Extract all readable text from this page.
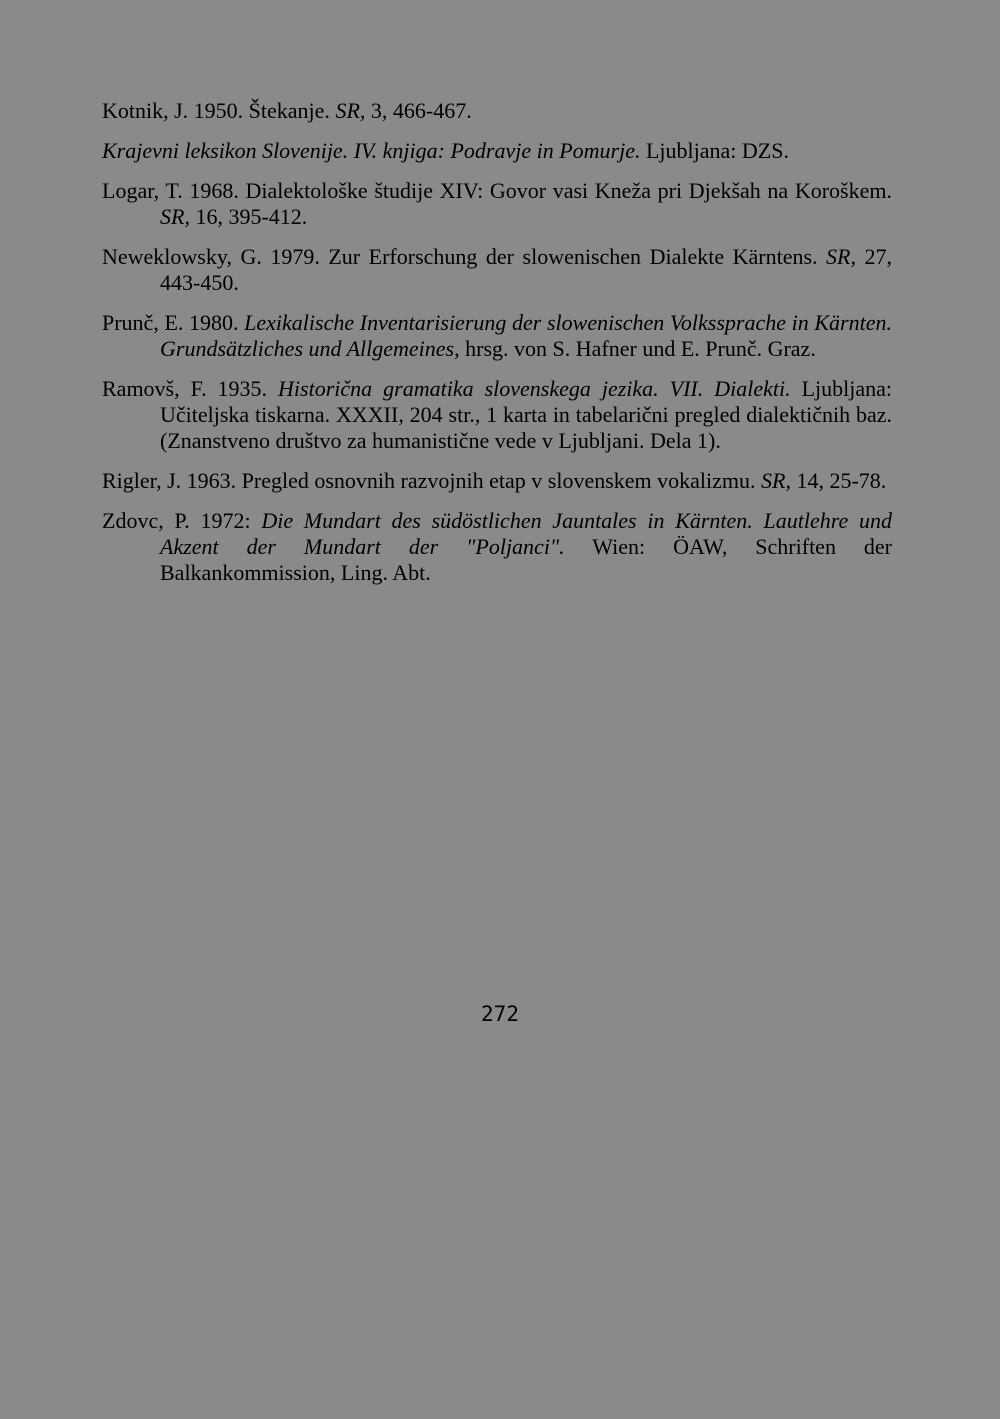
Kotnik, J. 1950. Štekanje. SR, 3, 466-467.

Krajevni leksikon Slovenije. IV. knjiga: Podravje in Pomurje. Ljubljana: DZS.

Logar, T. 1968. Dialektološke študije XIV: Govor vasi Kneža pri Djekšah na Koroškem. SR, 16, 395-412.

Neweklowsky, G. 1979. Zur Erforschung der slowenischen Dialekte Kärntens. SR, 27, 443-450.

Prunč, E. 1980. Lexikalische Inventarisierung der slowenischen Volkssprache in Kärnten. Grundsätzliches und Allgemeines, hrsg. von S. Hafner und E. Prunč. Graz.

Ramovš, F. 1935. Historična gramatika slovenskega jezika. VII. Dialekti. Ljubljana: Učiteljska tiskarna. XXXII, 204 str., 1 karta in tabelarični pregled dialektičnih baz. (Znanstveno društvo za humanistične vede v Ljubljani. Dela 1).

Rigler, J. 1963. Pregled osnovnih razvojnih etap v slovenskem vokalizmu. SR, 14, 25-78.

Zdovc, P. 1972: Die Mundart des südöstlichen Jauntales in Kärnten. Lautlehre und Akzent der Mundart der "Poljanci". Wien: ÖAW, Schriften der Balkankommission, Ling. Abt.

272
